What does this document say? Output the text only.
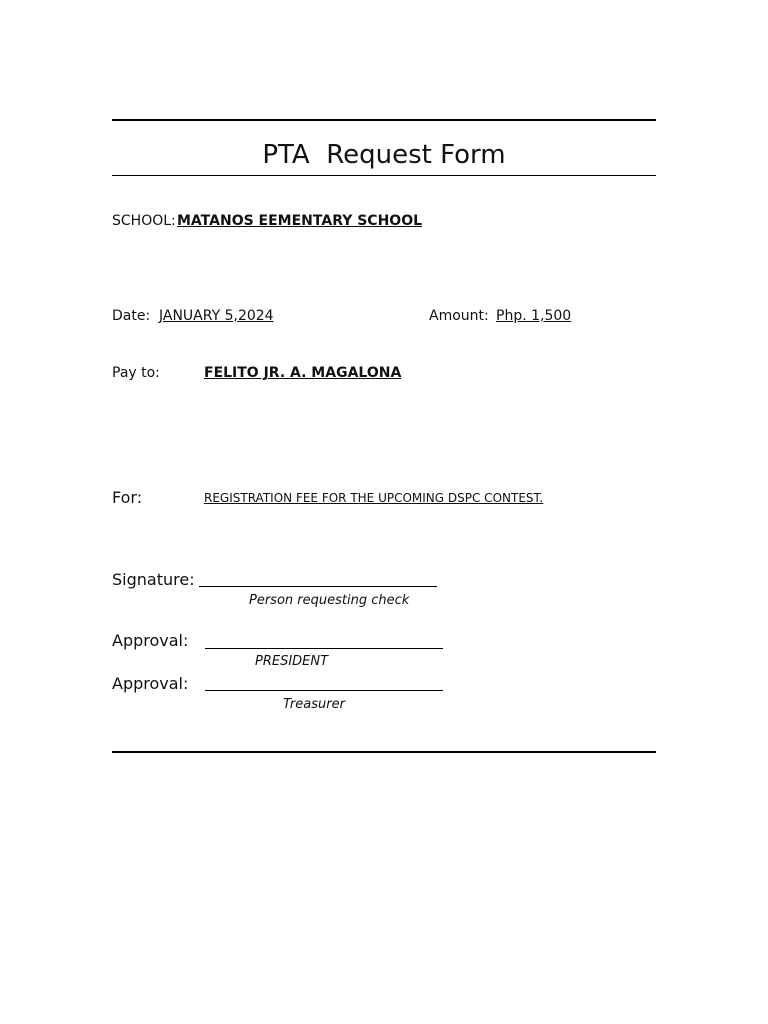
PTA  Request Form
SCHOOL: MATANOS EEMENTARY SCHOOL
Date: JANUARY 5,2024	Amount: Php. 1,500
Pay to:	FELITO JR. A. MAGALONA
For:	REGISTRATION FEE FOR THE UPCOMING DSPC CONTEST.
Signature:
Person requesting check
Approval:
PRESIDENT
Approval:
Treasurer
